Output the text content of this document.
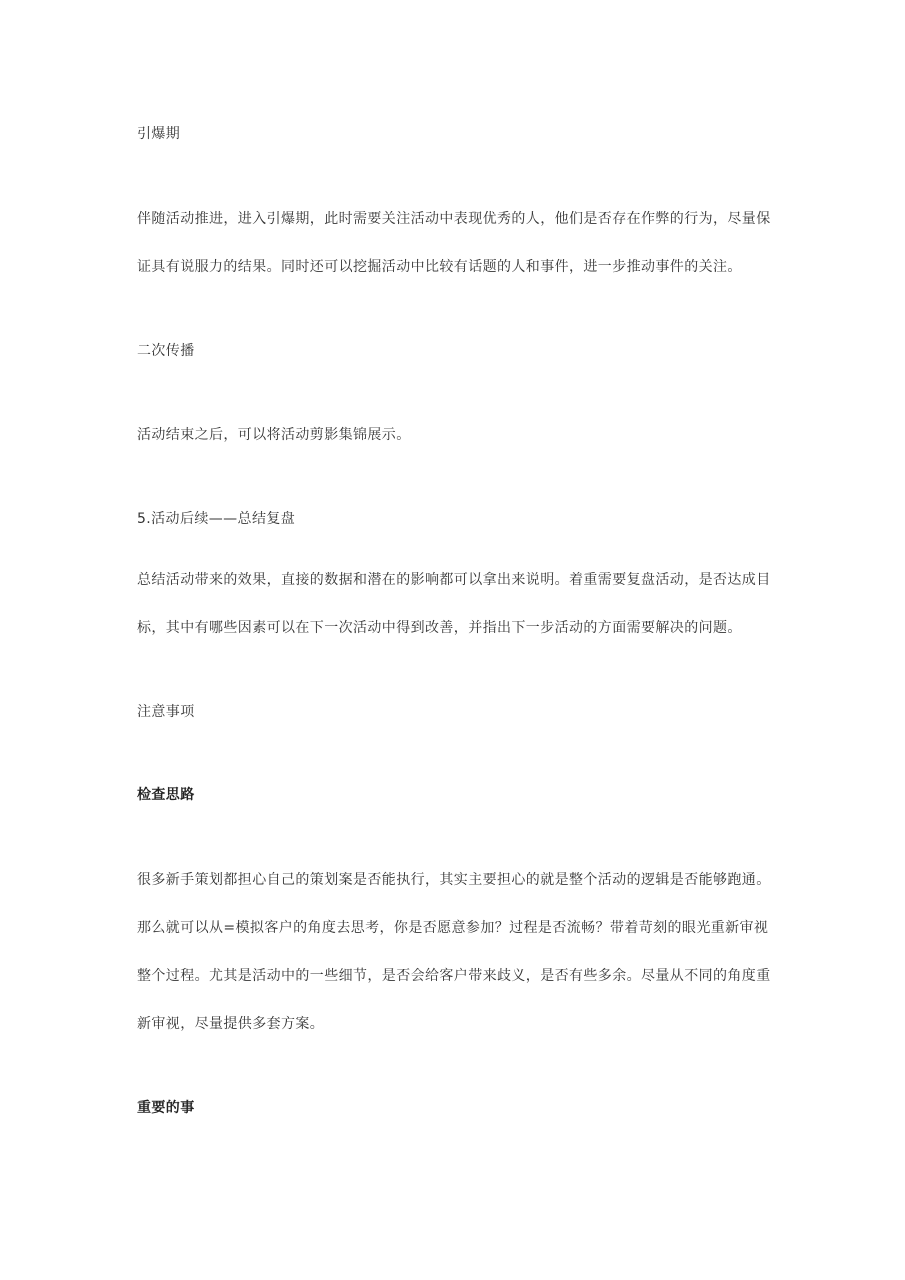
引爆期
伴随活动推进，进入引爆期，此时需要关注活动中表现优秀的人，他们是否存在作弊的行为，尽量保
证具有说服力的结果。同时还可以挖掘活动中比较有话题的人和事件，进一步推动事件的关注。
二次传播
活动结束之后，可以将活动剪影集锦展示。
5.活动后续——总结复盘
总结活动带来的效果，直接的数据和潜在的影响都可以拿出来说明。着重需要复盘活动，是否达成目
标，其中有哪些因素可以在下一次活动中得到改善，并指出下一步活动的方面需要解决的问题。
注意事项
检查思路
很多新手策划都担心自己的策划案是否能执行，其实主要担心的就是整个活动的逻辑是否能够跑通。
那么就可以从=模拟客户的角度去思考，你是否愿意参加？过程是否流畅？带着苛刻的眼光重新审视
整个过程。尤其是活动中的一些细节，是否会给客户带来歧义，是否有些多余。尽量从不同的角度重
新审视，尽量提供多套方案。
重要的事
